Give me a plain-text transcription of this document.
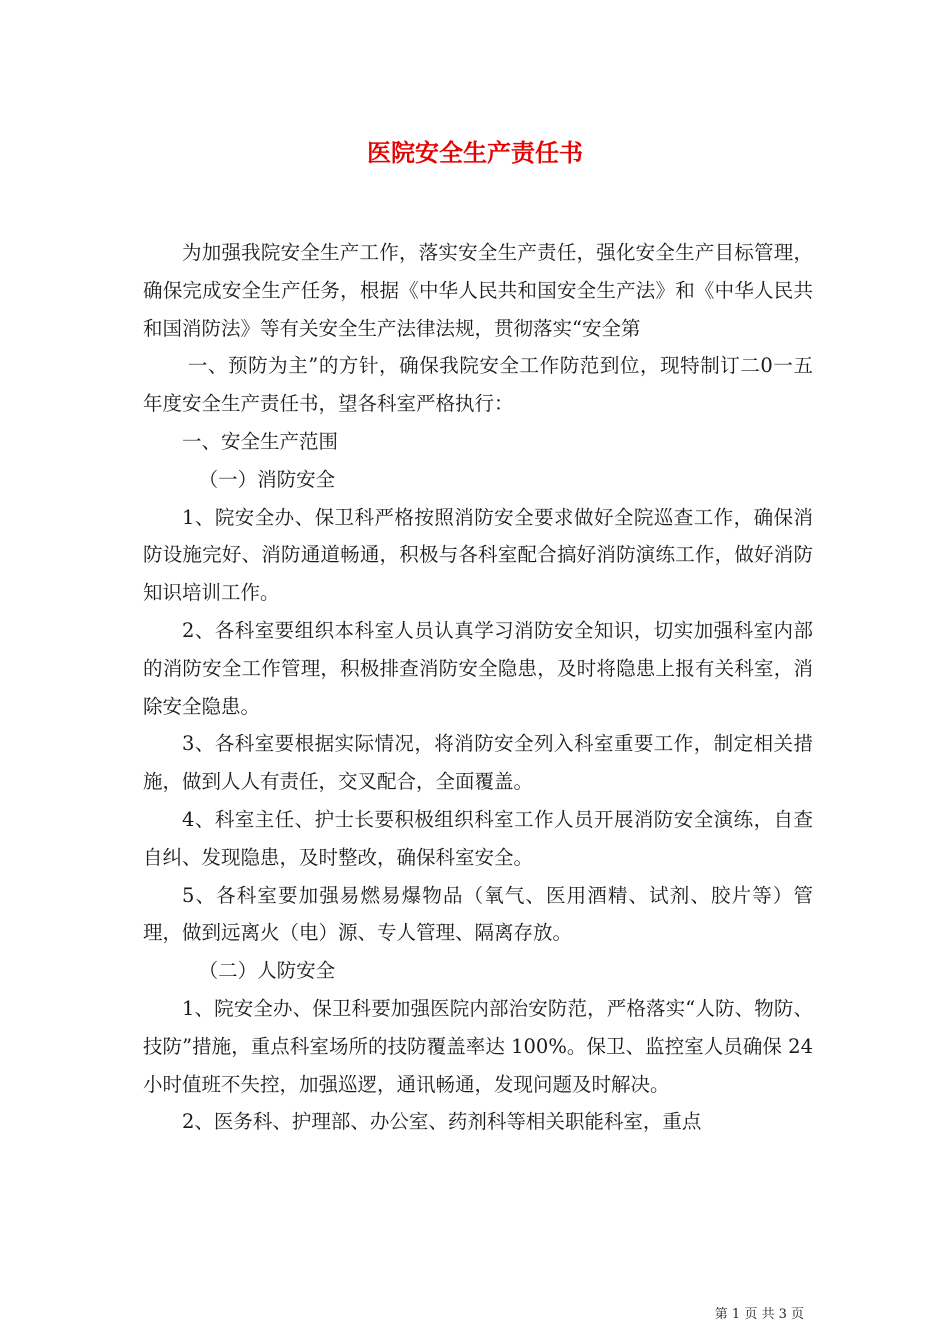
医院安全生产责任书

为加强我院安全生产工作，落实安全生产责任，强化安全生产目标管理，确保完成安全生产任务，根据《中华人民共和国安全生产法》和《中华人民共和国消防法》等有关安全生产法律法规，贯彻落实“安全第

一、预防为主”的方针，确保我院安全工作防范到位，现特制订二0一五年度安全生产责任书，望各科室严格执行：

一、安全生产范围

（一）消防安全

1、院安全办、保卫科严格按照消防安全要求做好全院巡查工作，确保消防设施完好、消防通道畅通，积极与各科室配合搞好消防演练工作，做好消防知识培训工作。

2、各科室要组织本科室人员认真学习消防安全知识，切实加强科室内部的消防安全工作管理，积极排查消防安全隐患，及时将隐患上报有关科室，消除安全隐患。

3、各科室要根据实际情况，将消防安全列入科室重要工作，制定相关措施，做到人人有责任，交叉配合，全面覆盖。

4、科室主任、护士长要积极组织科室工作人员开展消防安全演练，自查自纠、发现隐患，及时整改，确保科室安全。

5、各科室要加强易燃易爆物品（氧气、医用酒精、试剂、胶片等）管理，做到远离火（电）源、专人管理、隔离存放。

（二）人防安全

1、院安全办、保卫科要加强医院内部治安防范，严格落实“人防、物防、技防”措施，重点科室场所的技防覆盖率达 100%。保卫、监控室人员确保 24 小时值班不失控，加强巡逻，通讯畅通，发现问题及时解决。

2、医务科、护理部、办公室、药剂科等相关职能科室，重点

第 1 页 共 3 页
